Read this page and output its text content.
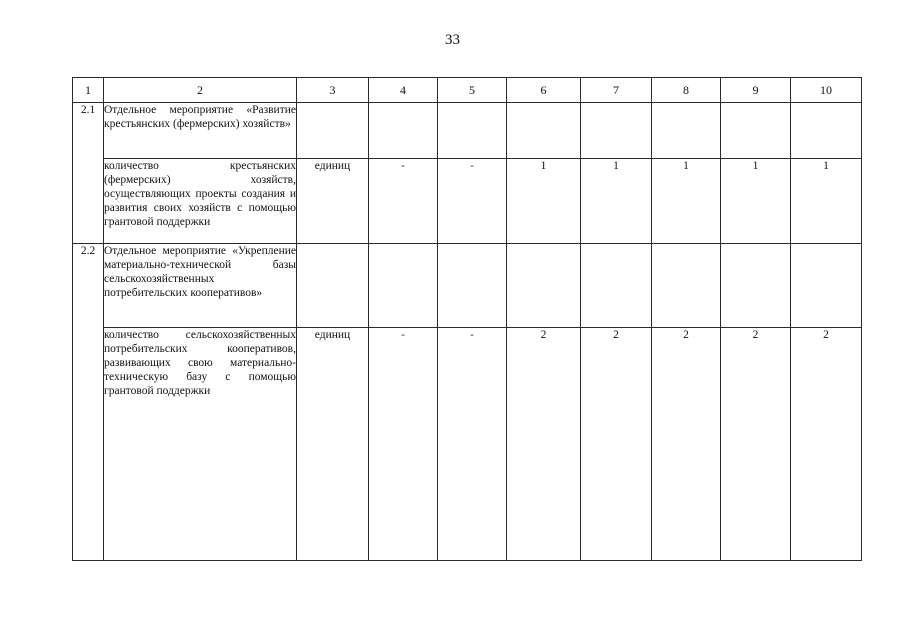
33
1	2	3	4	5	6	7	8	9	10
2.1	Отдельное мероприятие «Развитие крестьянских (фермерских) хозяйств»								
	количество крестьянских (фермерских) хозяйств, осуществляющих проекты создания и развития своих хозяйств с помощью грантовой поддержки	единиц	-	-	1	1	1	1	1
2.2	Отдельное мероприятие «Укрепление материально-технической базы сельскохозяйственных потребительских кооперативов»								
	количество сельскохозяйственных потребительских кооперативов, развивающих свою материально-техническую базу с помощью грантовой поддержки	единиц	-	-	2	2	2	2	2
